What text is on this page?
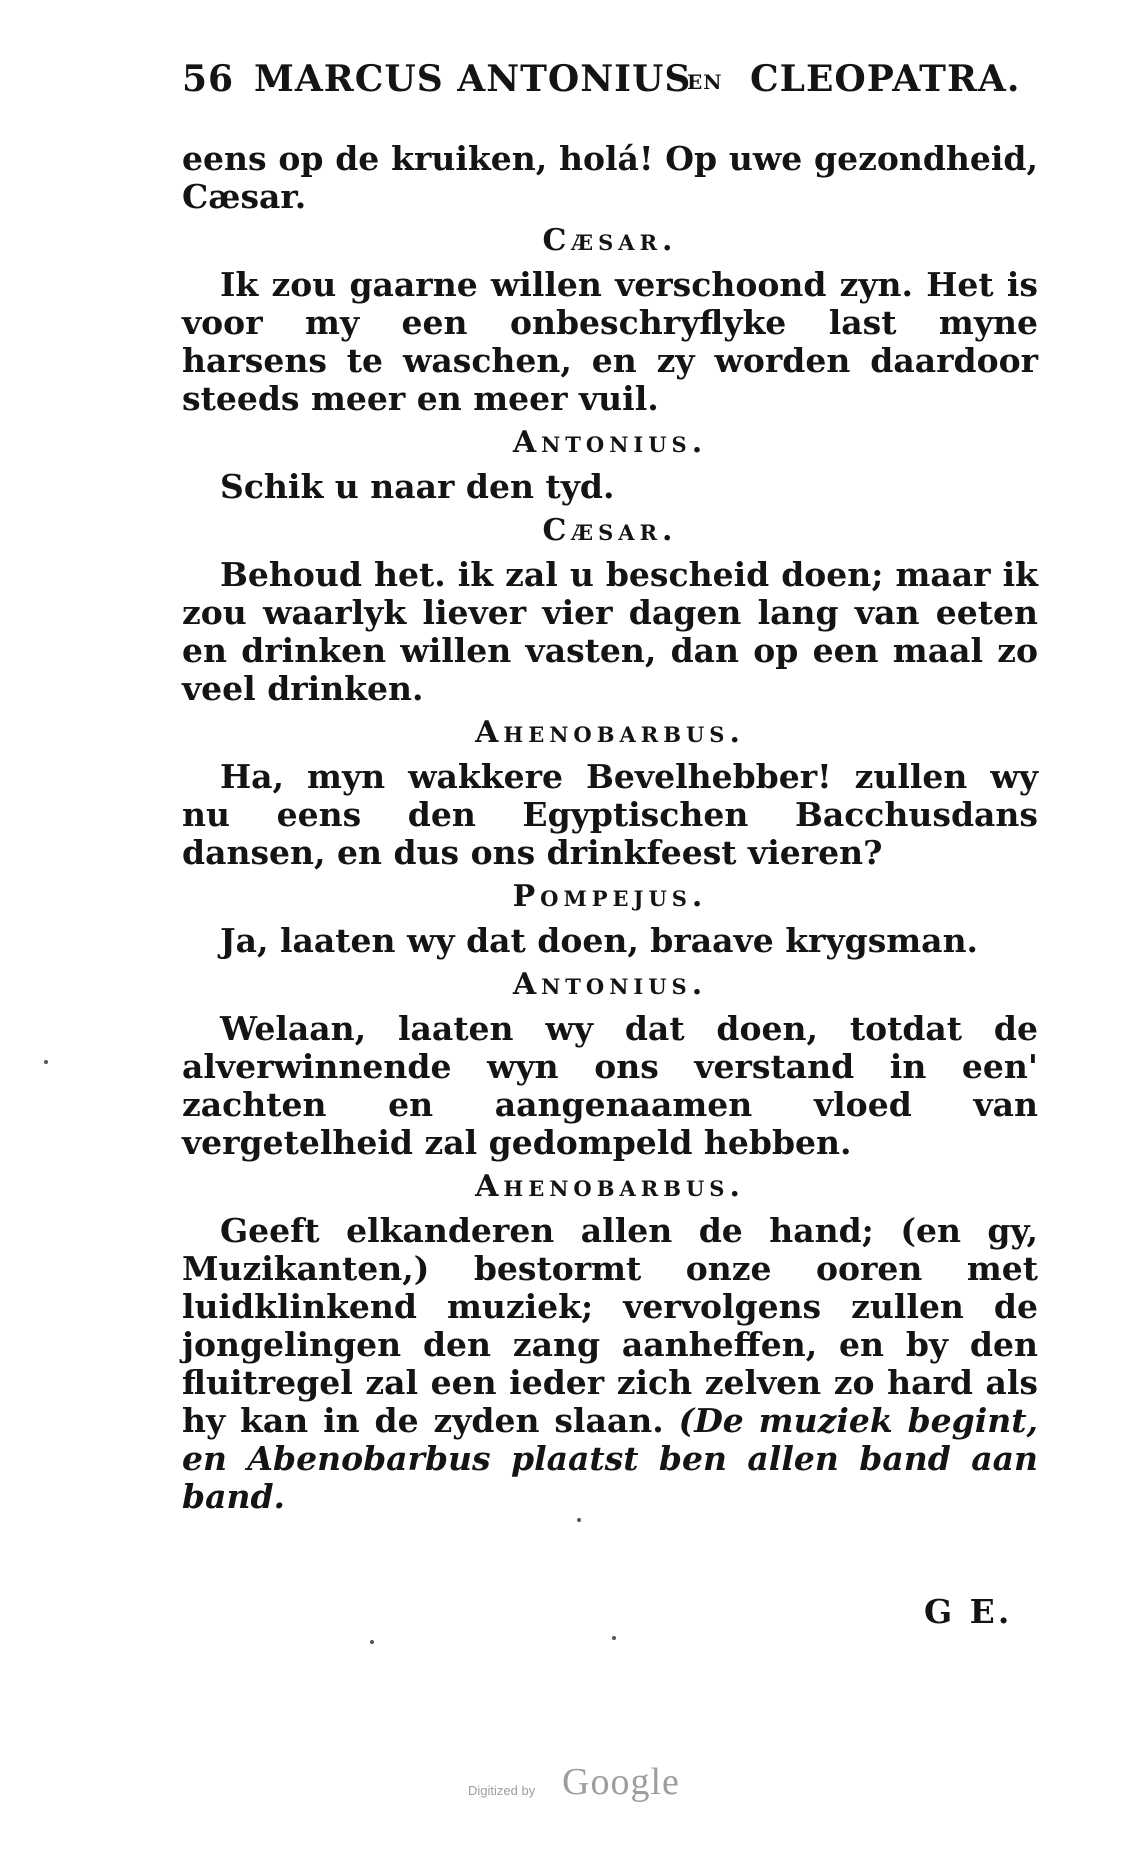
56 MARCUS ANTONIUS
EN CLEOPATRA.

eens op de kruiken, holá! Op uwe gezondheid, Cæsar.

Cæsar.

Ik zou gaarne willen verschoond zyn. Het is voor my een onbeschryflyke last myne harsens te waschen, en zy worden daardoor steeds meer en meer vuil.

Antonius.

Schik u naar den tyd.

Cæsar.

Behoud het. ik zal u bescheid doen; maar ik zou waarlyk liever vier dagen lang van eeten en drinken willen vasten, dan op een maal zo veel drinken.

Ahenobarbus.

Ha, myn wakkere Bevelhebber! zullen wy nu eens den Egyptischen Bacchusdans dansen, en dus ons drinkfeest vieren?

Pompejus.

Ja, laaten wy dat doen, braave krygsman.

Antonius.

Welaan, laaten wy dat doen, totdat de alverwinnende wyn ons verstand in een' zachten en aangenaamen vloed van vergetelheid zal gedompeld hebben.

Ahenobarbus.

Geeft elkanderen allen de hand; (en gy, Muzikanten,) bestormt onze ooren met luidklinkend muziek; vervolgens zullen de jongelingen den zang aanheffen, en by den fluitregel zal een ieder zich zelven zo hard als hy kan in de zyden slaan. (De muziek begint, en Abenobarbus plaatst ben allen band aan band.

G E.
Digitized by Google
